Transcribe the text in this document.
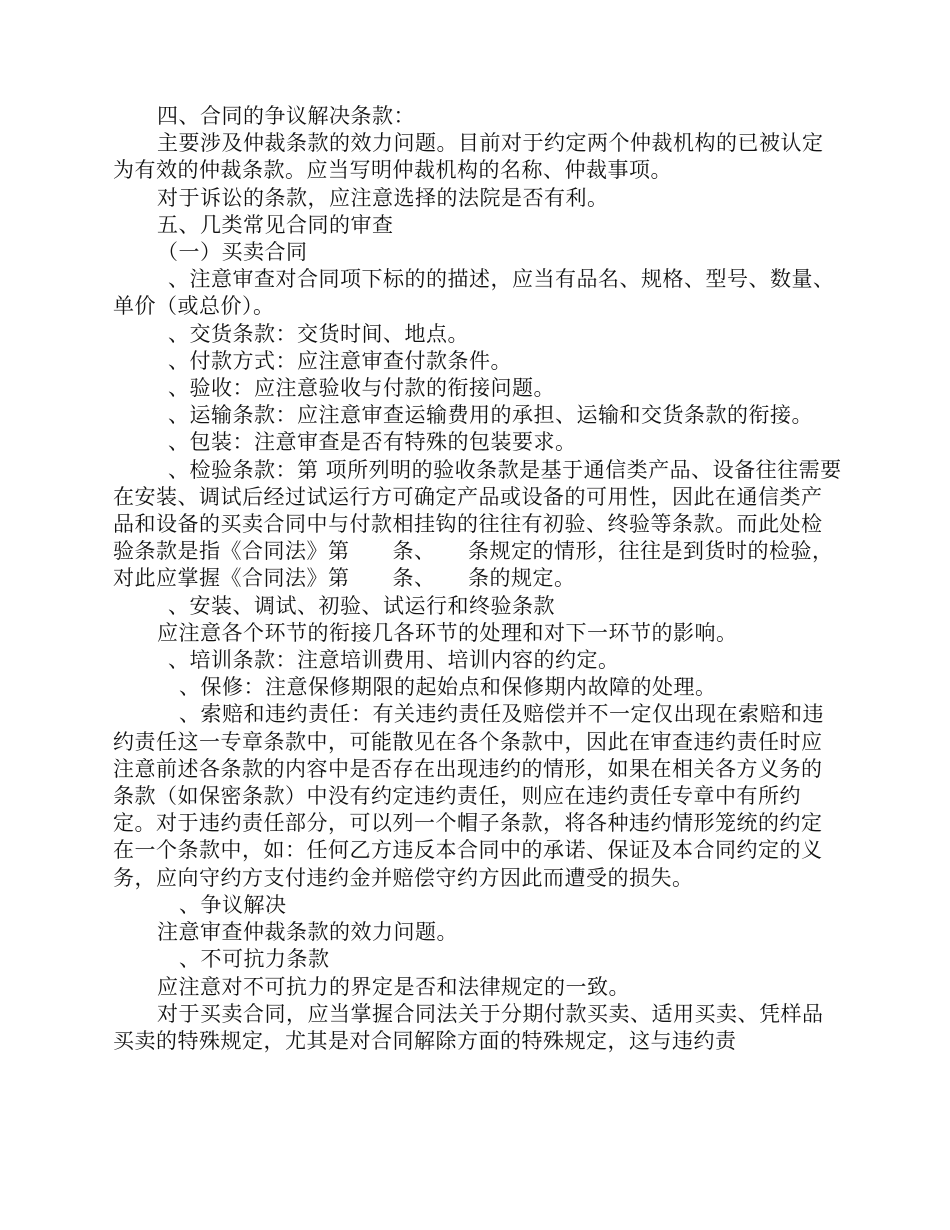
四、合同的争议解决条款：

主要涉及仲裁条款的效力问题。目前对于约定两个仲裁机构的已被认定为有效的仲裁条款。应当写明仲裁机构的名称、仲裁事项。

对于诉讼的条款，应注意选择的法院是否有利。

五、几类常见合同的审查

（一）买卖合同

、注意审查对合同项下标的的描述，应当有品名、规格、型号、数量、单价（或总价）。

、交货条款：交货时间、地点。

、付款方式：应注意审查付款条件。

、验收：应注意验收与付款的衔接问题。

、运输条款：应注意审查运输费用的承担、运输和交货条款的衔接。

、包装：注意审查是否有特殊的包装要求。

、检验条款：第 项所列明的验收条款是基于通信类产品、设备往往需要在安装、调试后经过试运行方可确定产品或设备的可用性，因此在通信类产品和设备的买卖合同中与付款相挂钩的往往有初验、终验等条款。而此处检验条款是指《合同法》第　　条、　　条规定的情形，往往是到货时的检验，对此应掌握《合同法》第　　条、　　条的规定。

、安装、调试、初验、试运行和终验条款

应注意各个环节的衔接几各环节的处理和对下一环节的影响。

、培训条款：注意培训费用、培训内容的约定。

、保修：注意保修期限的起始点和保修期内故障的处理。

、索赔和违约责任：有关违约责任及赔偿并不一定仅出现在索赔和违约责任这一专章条款中，可能散见在各个条款中，因此在审查违约责任时应注意前述各条款的内容中是否存在出现违约的情形，如果在相关各方义务的条款（如保密条款）中没有约定违约责任，则应在违约责任专章中有所约定。对于违约责任部分，可以列一个帽子条款，将各种违约情形笼统的约定在一个条款中，如：任何乙方违反本合同中的承诺、保证及本合同约定的义务，应向守约方支付违约金并赔偿守约方因此而遭受的损失。

、争议解决

注意审查仲裁条款的效力问题。

、不可抗力条款

应注意对不可抗力的界定是否和法律规定的一致。

对于买卖合同，应当掌握合同法关于分期付款买卖、适用买卖、凭样品买卖的特殊规定，尤其是对合同解除方面的特殊规定，这与违约责
